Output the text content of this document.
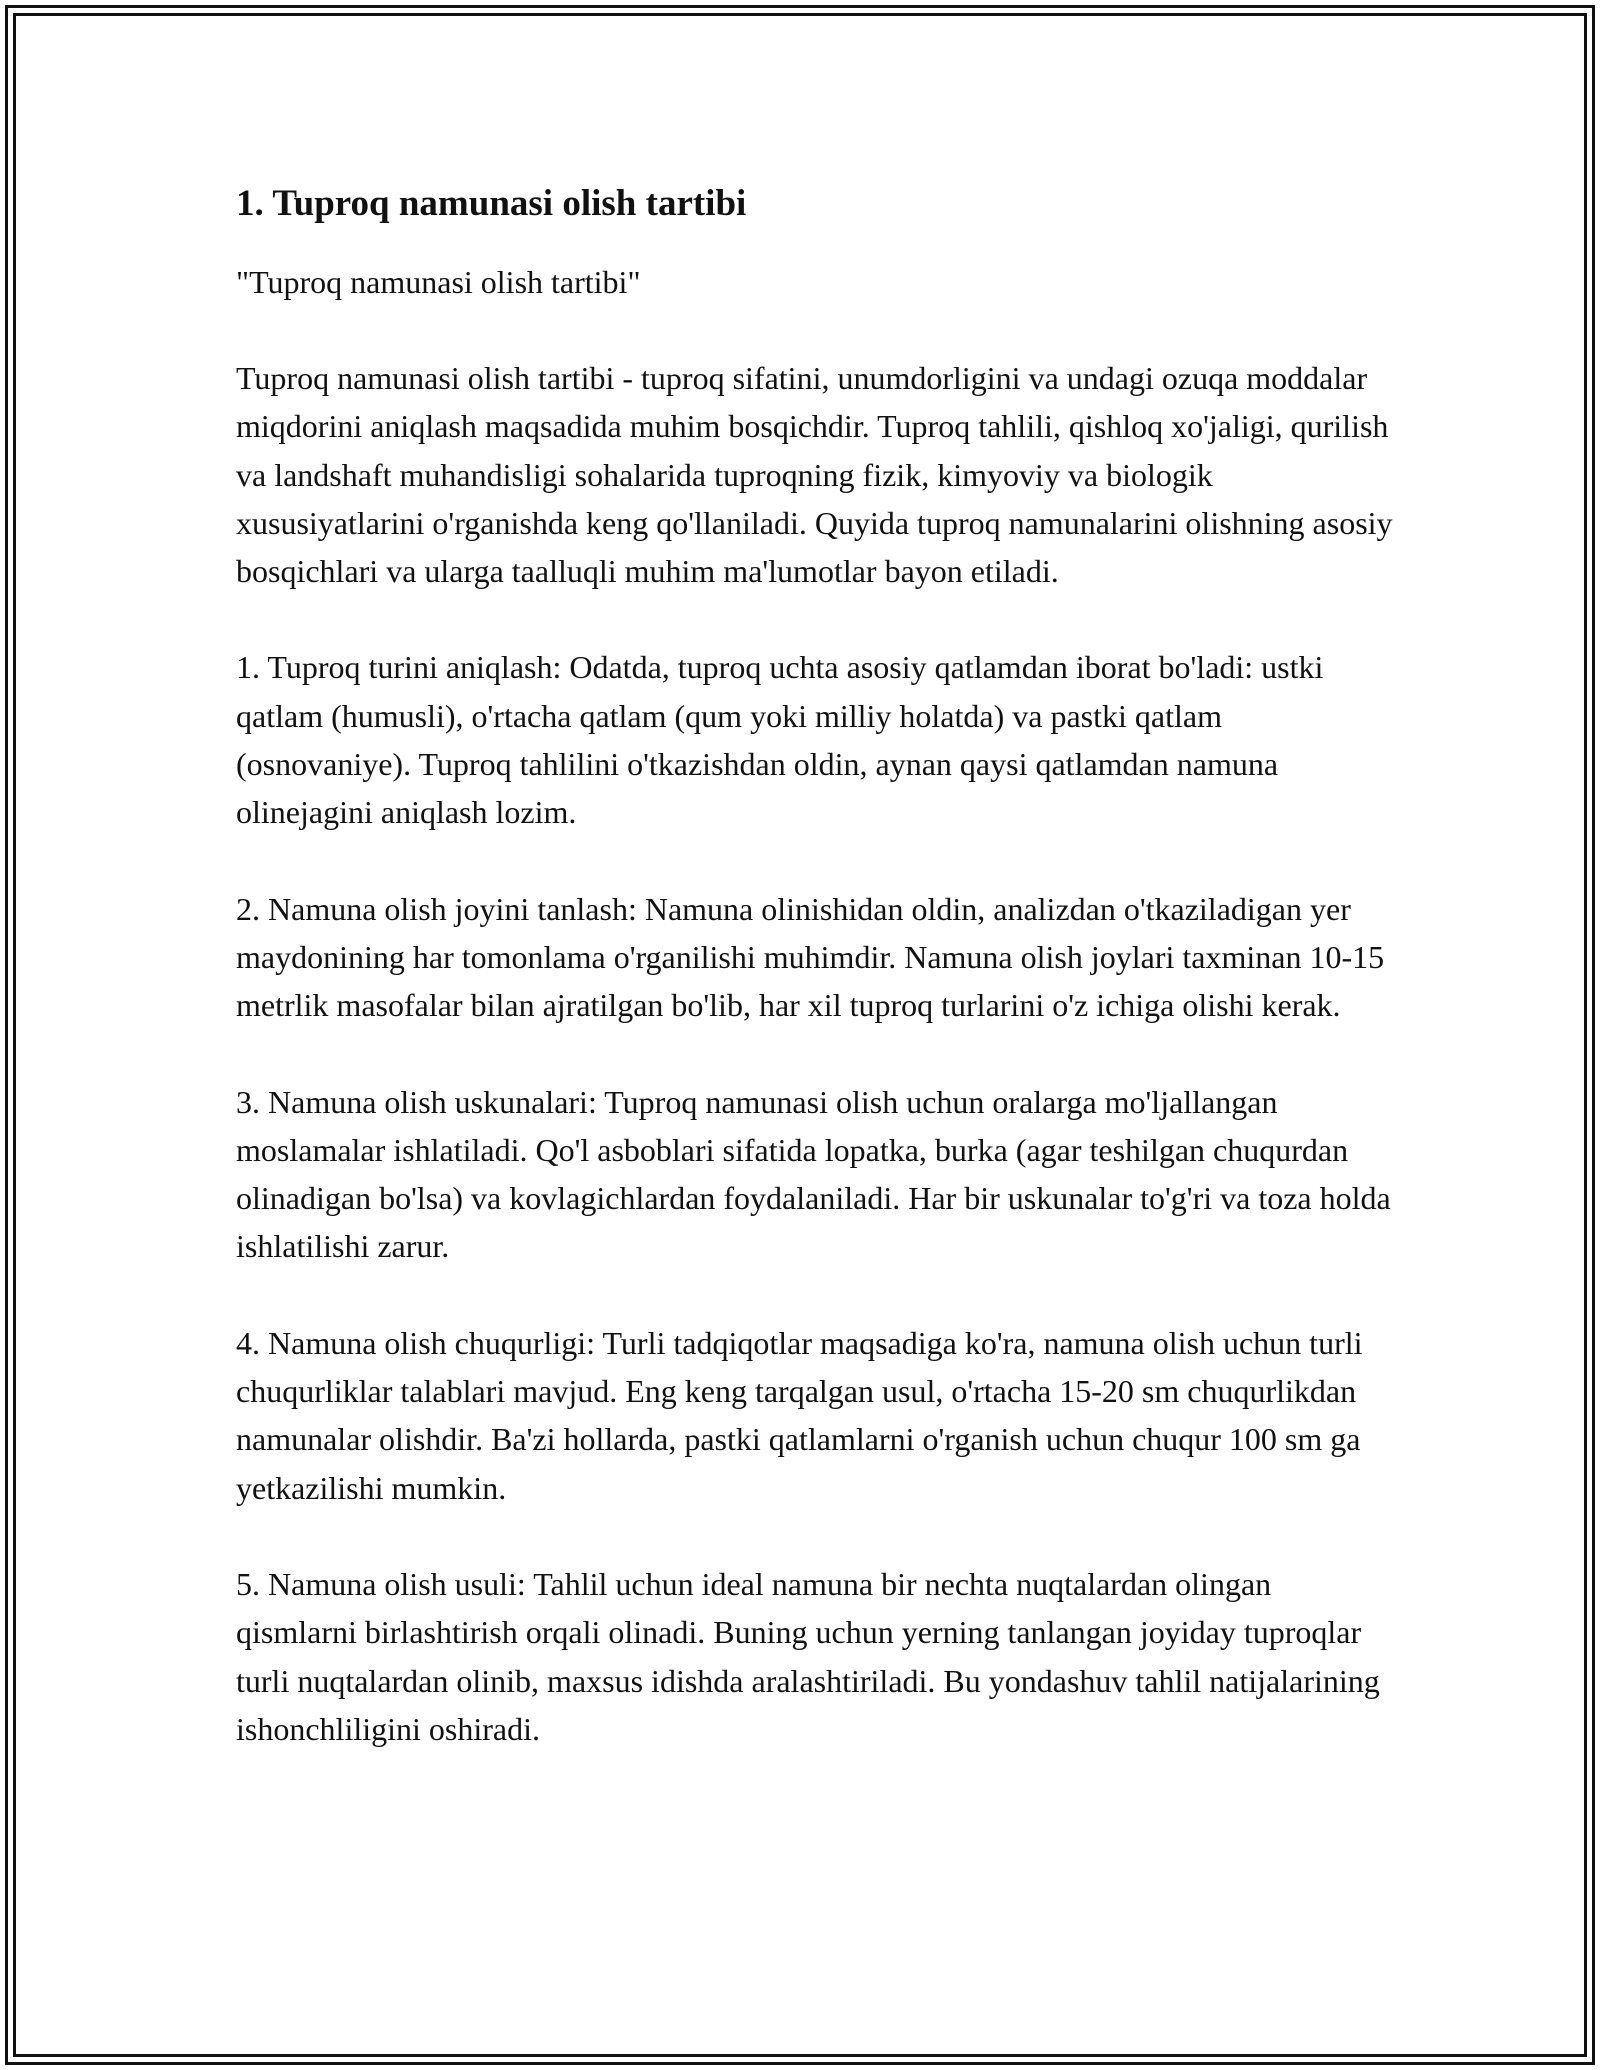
1. Tuproq namunasi olish tartibi

"Tuproq namunasi olish tartibi"

Tuproq namunasi olish tartibi - tuproq sifatini, unumdorligini va undagi ozuqa moddalar miqdorini aniqlash maqsadida muhim bosqichdir. Tuproq tahlili, qishloq xo'jaligi, qurilish va landshaft muhandisligi sohalarida tuproqning fizik, kimyoviy va biologik xususiyatlarini o'rganishda keng qo'llaniladi. Quyida tuproq namunalarini olishning asosiy bosqichlari va ularga taalluqli muhim ma'lumotlar bayon etiladi.

1. Tuproq turini aniqlash: Odatda, tuproq uchta asosiy qatlamdan iborat bo'ladi: ustki qatlam (humusli), o'rtacha qatlam (qum yoki milliy holatda) va pastki qatlam (osnovaniye). Tuproq tahlilini o'tkazishdan oldin, aynan qaysi qatlamdan namuna olinejagini aniqlash lozim.

2. Namuna olish joyini tanlash: Namuna olinishidan oldin, analizdan o'tkaziladigan yer maydonining har tomonlama o'rganilishi muhimdir. Namuna olish joylari taxminan 10-15 metrlik masofalar bilan ajratilgan bo'lib, har xil tuproq turlarini o'z ichiga olishi kerak.

3. Namuna olish uskunalari: Tuproq namunasi olish uchun oralarga mo'ljallangan moslamalar ishlatiladi. Qo'l asboblari sifatida lopatka, burka (agar teshilgan chuqurdan olinadigan bo'lsa) va kovlagichlardan foydalaniladi. Har bir uskunalar to'g'ri va toza holda ishlatilishi zarur.

4. Namuna olish chuqurligi: Turli tadqiqotlar maqsadiga ko'ra, namuna olish uchun turli chuqurliklar talablari mavjud. Eng keng tarqalgan usul, o'rtacha 15-20 sm chuqurlikdan namunalar olishdir. Ba'zi hollarda, pastki qatlamlarni o'rganish uchun chuqur 100 sm ga yetkazilishi mumkin.

5. Namuna olish usuli: Tahlil uchun ideal namuna bir nechta nuqtalardan olingan qismlarni birlashtirish orqali olinadi. Buning uchun yerning tanlangan joyiday tuproqlar turli nuqtalardan olinib, maxsus idishda aralashtiriladi. Bu yondashuv tahlil natijalarining ishonchliligini oshiradi.
